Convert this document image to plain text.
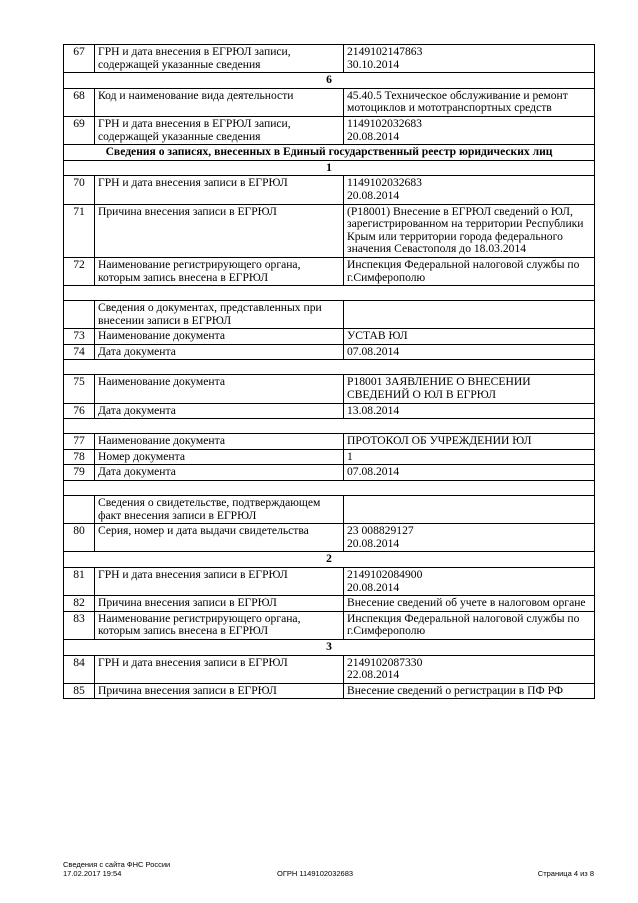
67	ГРН и дата внесения в ЕГРЮЛ записи, содержащей указанные сведения	2149102147863
30.10.2014
6		
68	Код и наименование вида деятельности	45.40.5 Техническое обслуживание и ремонт мотоциклов и мототранспортных средств
69	ГРН и дата внесения в ЕГРЮЛ записи, содержащей указанные сведения	1149102032683
20.08.2014
Сведения о записях, внесенных в Единый государственный реестр юридических лиц		
1		
70	ГРН и дата внесения записи в ЕГРЮЛ	1149102032683
20.08.2014
71	Причина внесения записи в ЕГРЮЛ	(Р18001) Внесение в ЕГРЮЛ сведений о ЮЛ, зарегистрированном на территории Республики Крым или территории города федерального значения Севастополя до 18.03.2014
72	Наименование регистрирующего органа, которым запись внесена в ЕГРЮЛ	Инспекция Федеральной налоговой службы по г.Симферополю

	Сведения о документах, представленных при внесении записи в ЕГРЮЛ	
73	Наименование документа	УСТАВ ЮЛ
74	Дата документа	07.08.2014

75	Наименование документа	Р18001 ЗАЯВЛЕНИЕ О ВНЕСЕНИИ СВЕДЕНИЙ О ЮЛ В ЕГРЮЛ
76	Дата документа	13.08.2014

77	Наименование документа	ПРОТОКОЛ ОБ УЧРЕЖДЕНИИ ЮЛ
78	Номер документа	1
79	Дата документа	07.08.2014

	Сведения о свидетельстве, подтверждающем факт внесения записи в ЕГРЮЛ	
80	Серия, номер и дата выдачи свидетельства	23 008829127
20.08.2014
2		
81	ГРН и дата внесения записи в ЕГРЮЛ	2149102084900
20.08.2014
82	Причина внесения записи в ЕГРЮЛ	Внесение сведений об учете в налоговом органе
83	Наименование регистрирующего органа, которым запись внесена в ЕГРЮЛ	Инспекция Федеральной налоговой службы по г.Симферополю
3		
84	ГРН и дата внесения записи в ЕГРЮЛ	2149102087330
22.08.2014
85	Причина внесения записи в ЕГРЮЛ	Внесение сведений о регистрации в ПФ РФ
Сведения с сайта ФНС России
17.02.2017 19:54	ОГРН 1149102032683	Страница 4 из 8
